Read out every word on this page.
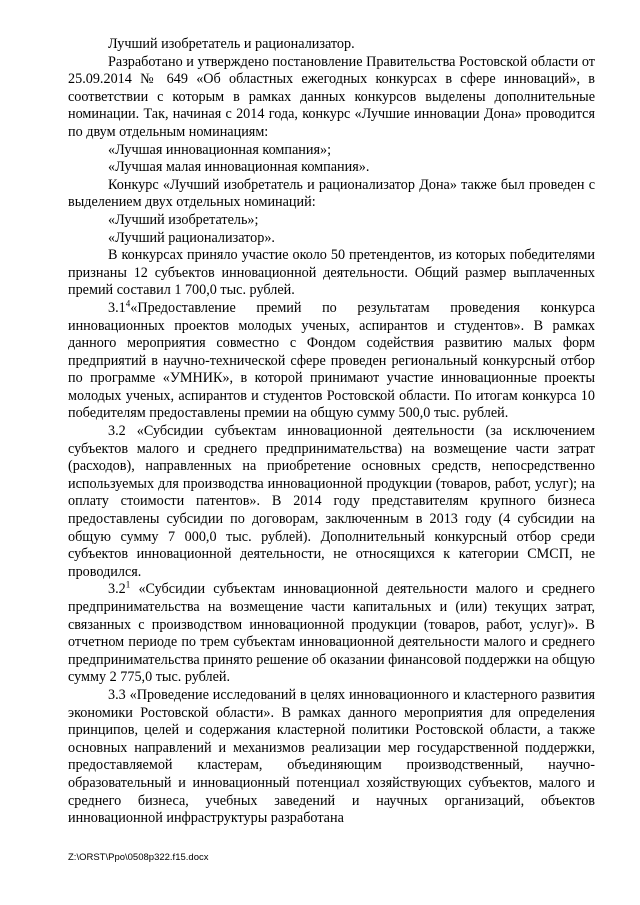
Лучший изобретатель и рационализатор.

Разработано и утверждено постановление Правительства Ростовской области от 25.09.2014 № 649 «Об областных ежегодных конкурсах в сфере инноваций», в соответствии с которым в рамках данных конкурсов выделены дополнительные номинации. Так, начиная с 2014 года, конкурс «Лучшие инновации Дона» проводится по двум отдельным номинациям:

«Лучшая инновационная компания»;

«Лучшая малая инновационная компания».

Конкурс «Лучший изобретатель и рационализатор Дона» также был проведен с выделением двух отдельных номинаций:

«Лучший изобретатель»;

«Лучший рационализатор».

В конкурсах приняло участие около 50 претендентов, из которых победителями признаны 12 субъектов инновационной деятельности. Общий размер выплаченных премий составил 1 700,0 тыс. рублей.

$3.1^4«Предоставление$ премий по результатам проведения конкурса инновационных проектов молодых ученых, аспирантов и студентов». В рамках данного мероприятия совместно с Фондом содействия развитию малых форм предприятий в научно-технической сфере проведен региональный конкурсный отбор по программе «УМНИК», в которой принимают участие инновационные проекты молодых ученых, аспирантов и студентов Ростовской области. По итогам конкурса 10 победителям предоставлены премии на общую сумму 500,0 тыс. рублей.

3.2 «Субсидии субъектам инновационной деятельности (за исключением субъектов малого и среднего предпринимательства) на возмещение части затрат (расходов), направленных на приобретение основных средств, непосредственно используемых для производства инновационной продукции (товаров, работ, услуг); на оплату стоимости патентов». В 2014 году представителям крупного бизнеса предоставлены субсидии по договорам, заключенным в 2013 году (4 субсидии на общую сумму 7 000,0 тыс. рублей). Дополнительный конкурсный отбор среди субъектов инновационной деятельности, не относящихся к категории СМСП, не проводился.

$3.2^1$ «Субсидии субъектам инновационной деятельности малого и среднего предпринимательства на возмещение части капитальных и (или) текущих затрат, связанных с производством инновационной продукции (товаров, работ, услуг)». В отчетном периоде по трем субъектам инновационной деятельности малого и среднего предпринимательства принято решение об оказании финансовой поддержки на общую сумму 2 775,0 тыс. рублей.

3.3 «Проведение исследований в целях инновационного и кластерного развития экономики Ростовской области». В рамках данного мероприятия для определения принципов, целей и содержания кластерной политики Ростовской области, а также основных направлений и механизмов реализации мер государственной поддержки, предоставляемой кластерам, объединяющим производственный, научно-образовательный и инновационный потенциал хозяйствующих субъектов, малого и среднего бизнеса, учебных заведений и научных организаций, объектов инновационной инфраструктуры разработана

Z:\ORST\Ppo\0508p322.f15.docx
